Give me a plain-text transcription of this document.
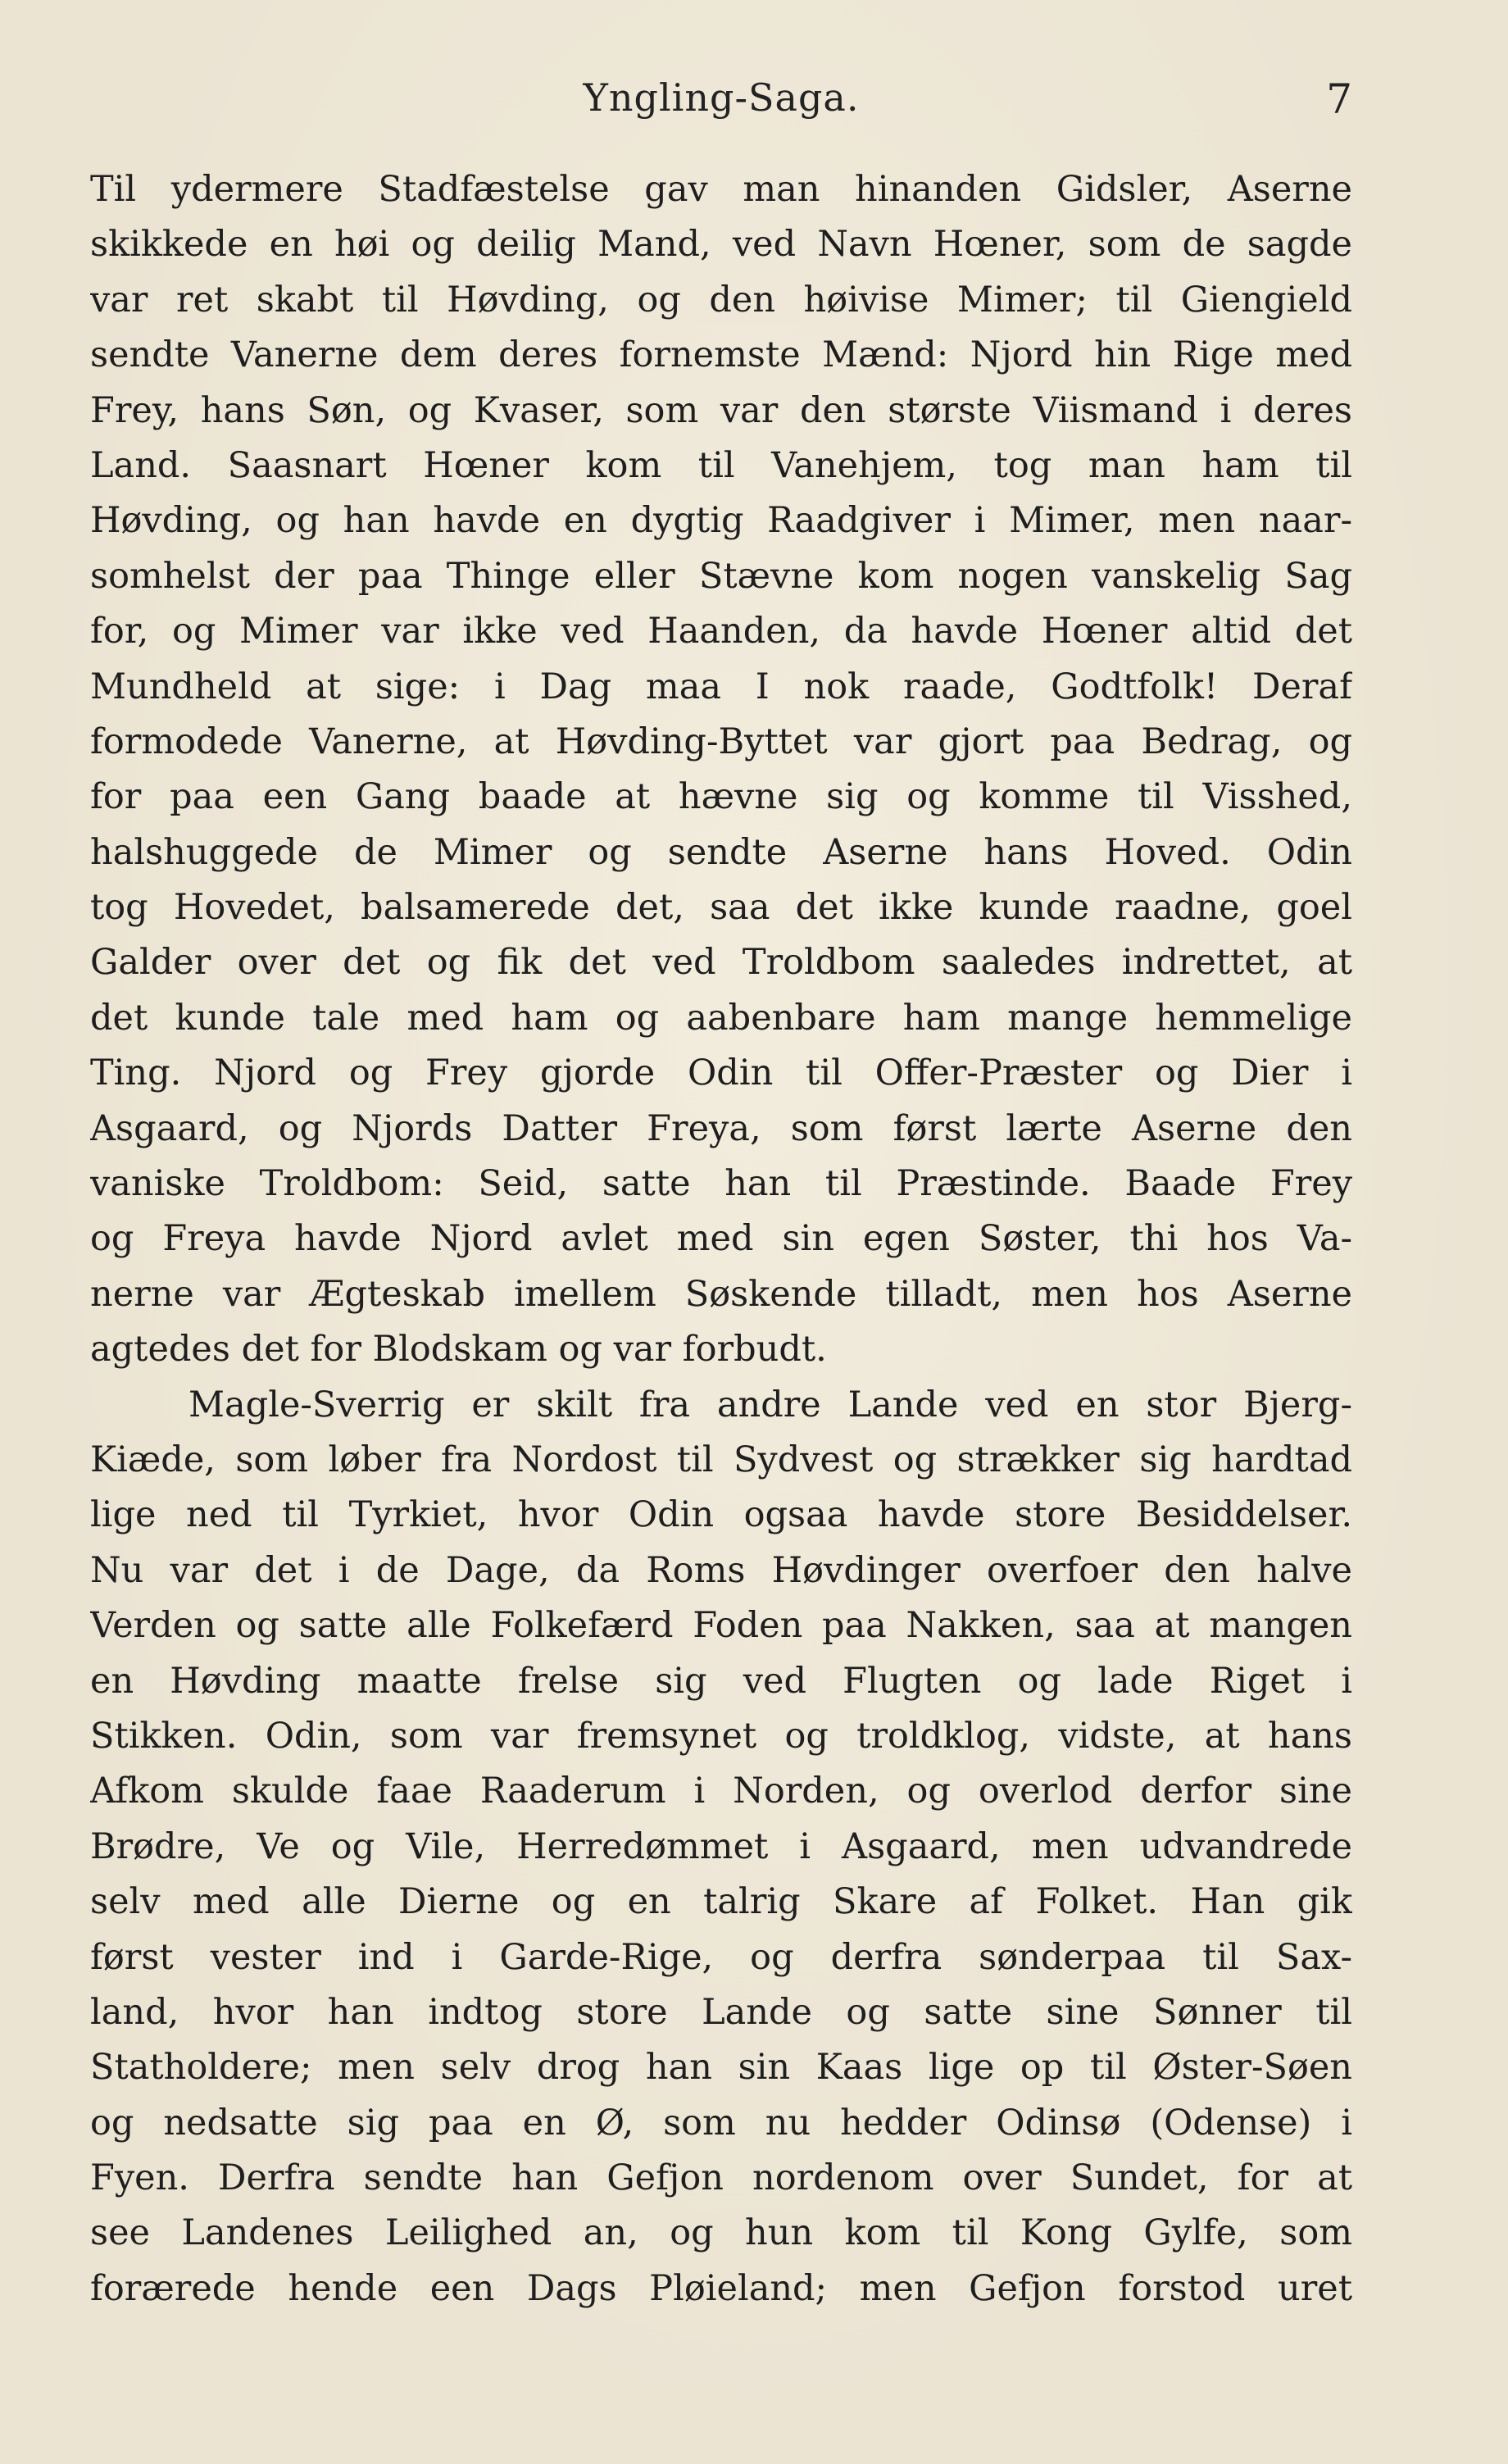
Yngling-Saga.	7
Til ydermere Stadfæstelse gav man hinanden Gidsler, Aserne
skikkede en høi og deilig Mand, ved Navn Hœner, som de sagde
var ret skabt til Høvding, og den høivise Mimer; til Giengield
sendte Vanerne dem deres fornemste Mænd: Njord hin Rige med
Frey, hans Søn, og Kvaser, som var den største Viismand i deres
Land. Saasnart Hœner kom til Vanehjem, tog man ham til
Høvding, og han havde en dygtig Raadgiver i Mimer, men naar-
somhelst der paa Thinge eller Stævne kom nogen vanskelig Sag
for, og Mimer var ikke ved Haanden, da havde Hœner altid det
Mundheld at sige: i Dag maa I nok raade, Godtfolk! Deraf
formodede Vanerne, at Høvding-Byttet var gjort paa Bedrag, og
for paa een Gang baade at hævne sig og komme til Visshed,
halshuggede de Mimer og sendte Aserne hans Hoved. Odin
tog Hovedet, balsamerede det, saa det ikke kunde raadne, goel
Galder over det og fik det ved Troldbom saaledes indrettet, at
det kunde tale med ham og aabenbare ham mange hemmelige
Ting. Njord og Frey gjorde Odin til Offer-Præster og Dier i
Asgaard, og Njords Datter Freya, som først lærte Aserne den
vaniske Troldbom: Seid, satte han til Præstinde. Baade Frey
og Freya havde Njord avlet med sin egen Søster, thi hos Va-
nerne var Ægteskab imellem Søskende tilladt, men hos Aserne
agtedes det for Blodskam og var forbudt.
Magle-Sverrig er skilt fra andre Lande ved en stor Bjerg-
Kiæde, som løber fra Nordost til Sydvest og strækker sig hardtad
lige ned til Tyrkiet, hvor Odin ogsaa havde store Besiddelser.
Nu var det i de Dage, da Roms Høvdinger overfoer den halve
Verden og satte alle Folkefærd Foden paa Nakken, saa at mangen
en Høvding maatte frelse sig ved Flugten og lade Riget i
Stikken. Odin, som var fremsynet og troldklog, vidste, at hans
Afkom skulde faae Raaderum i Norden, og overlod derfor sine
Brødre, Ve og Vile, Herredømmet i Asgaard, men udvandrede
selv med alle Dierne og en talrig Skare af Folket. Han gik
først vester ind i Garde-Rige, og derfra sønderpaa til Sax-
land, hvor han indtog store Lande og satte sine Sønner til
Statholdere; men selv drog han sin Kaas lige op til Øster-Søen
og nedsatte sig paa en Ø, som nu hedder Odinsø (Odense) i
Fyen. Derfra sendte han Gefjon nordenom over Sundet, for at
see Landenes Leilighed an, og hun kom til Kong Gylfe, som
forærede hende een Dags Pløieland; men Gefjon forstod uret
